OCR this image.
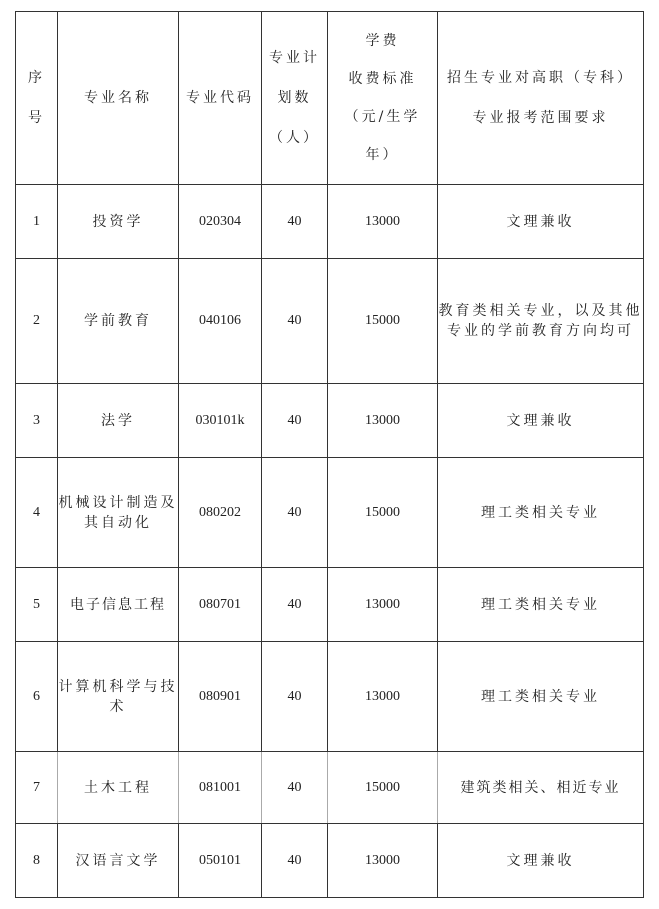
序
号	专业名称	专业代码	专业计
划数
（人）	学费
收费标准
（元/生学
年）	招生专业对高职（专科）
专业报考范围要求
1	投资学	020304	40	13000	文理兼收
2	学前教育	040106	40	15000	教育类相关专业，以及其他专业的学前教育方向均可
3	法学	030101k	40	13000	文理兼收
4	机械设计制造及其自动化	080202	40	15000	理工类相关专业
5	电子信息工程	080701	40	13000	理工类相关专业
6	计算机科学与技术	080901	40	13000	理工类相关专业
7	土木工程	081001	40	15000	建筑类相关、相近专业
8	汉语言文学	050101	40	13000	文理兼收
